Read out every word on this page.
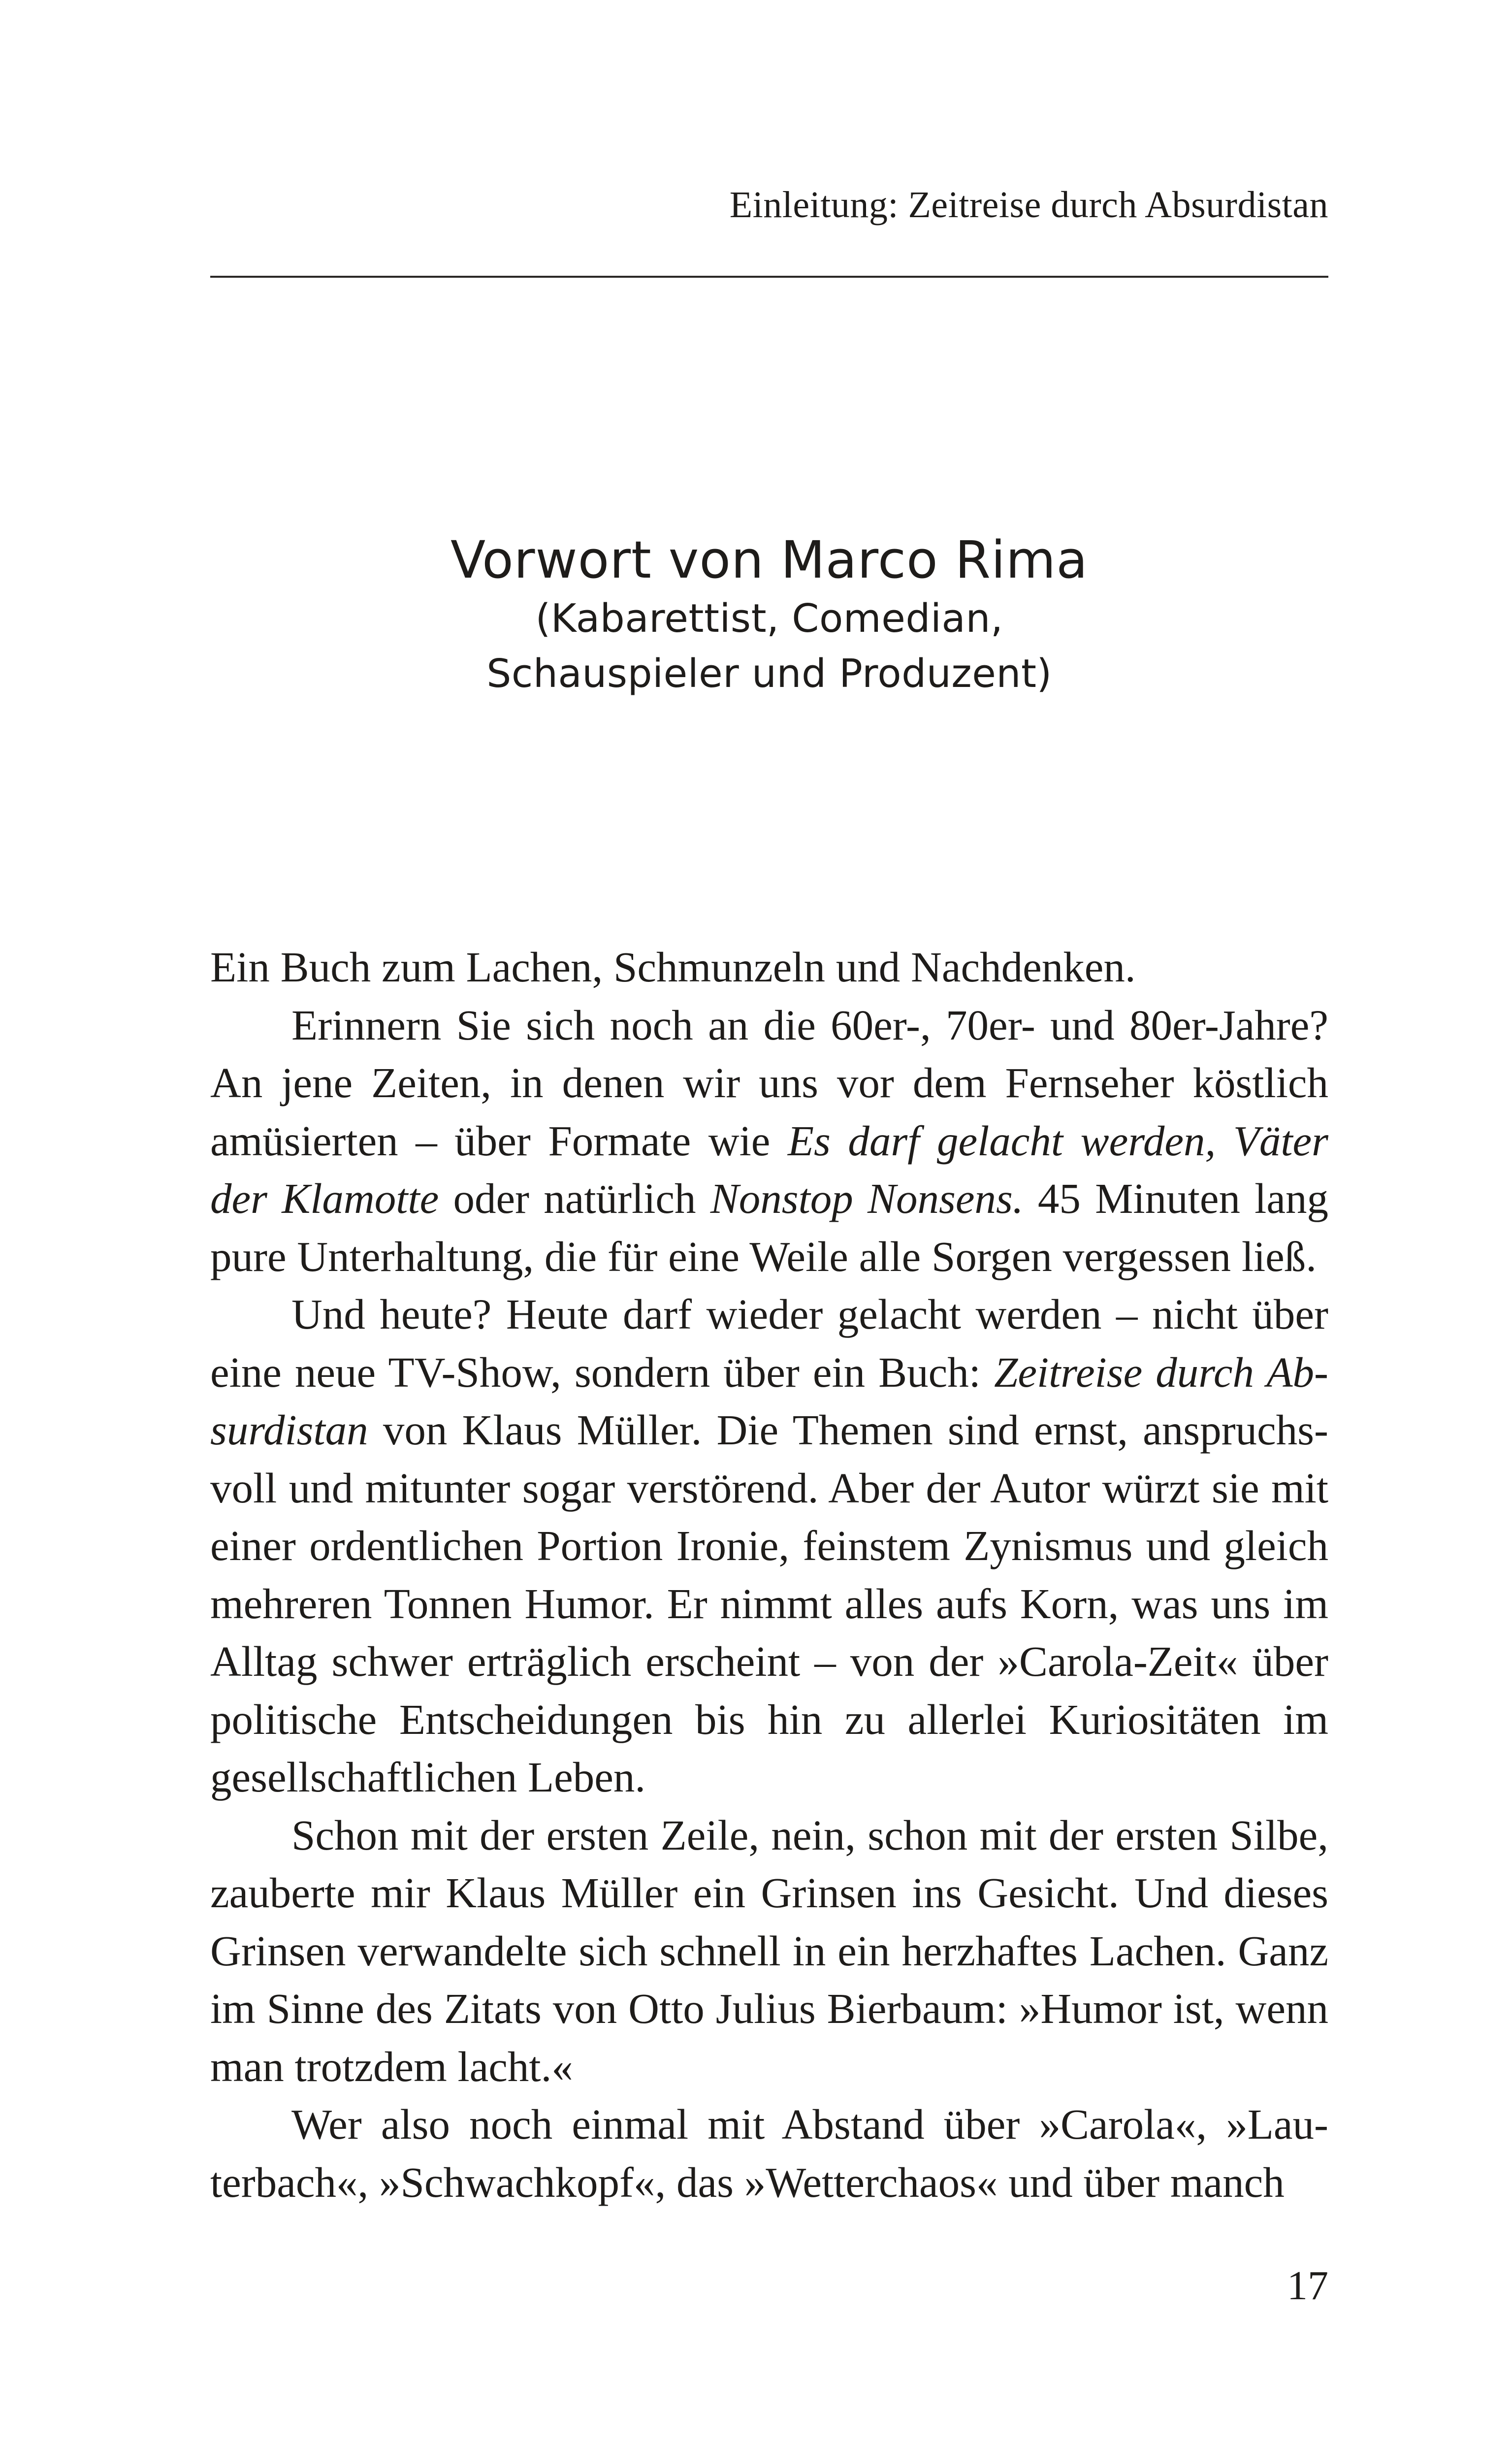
Einleitung: Zeitreise durch Absurdistan
Vorwort von Marco Rima
(Kabarettist, Comedian,
Schauspieler und Produzent)

Ein Buch zum Lachen, Schmunzeln und Nachdenken.

Erinnern Sie sich noch an die 60er-, 70er- und 80er-Jahre? An jene Zeiten, in denen wir uns vor dem Fernseher köstlich amüsierten – über Formate wie Es darf gelacht werden, Väter der Klamotte oder natürlich Nonstop Nonsens. 45 Minuten lang pure Unterhaltung, die für eine Weile alle Sorgen vergessen ließ.

Und heute? Heute darf wieder gelacht werden – nicht über eine neue TV-Show, sondern über ein Buch: Zeitreise durch Absurdistan von Klaus Müller. Die Themen sind ernst, anspruchsvoll und mitunter sogar verstörend. Aber der Autor würzt sie mit einer ordentlichen Portion Ironie, feinstem Zynismus und gleich mehreren Tonnen Humor. Er nimmt alles aufs Korn, was uns im Alltag schwer erträglich erscheint – von der »Carola-Zeit« über politische Entscheidungen bis hin zu allerlei Kuriositäten im gesellschaftlichen Leben.

Schon mit der ersten Zeile, nein, schon mit der ersten Silbe, zauberte mir Klaus Müller ein Grinsen ins Gesicht. Und dieses Grinsen verwandelte sich schnell in ein herzhaftes Lachen. Ganz im Sinne des Zitats von Otto Julius Bierbaum: »Humor ist, wenn man trotzdem lacht.«

Wer also noch einmal mit Abstand über »Carola«, »Lauterbach«, »Schwachkopf«, das »Wetterchaos« und über manch

17
